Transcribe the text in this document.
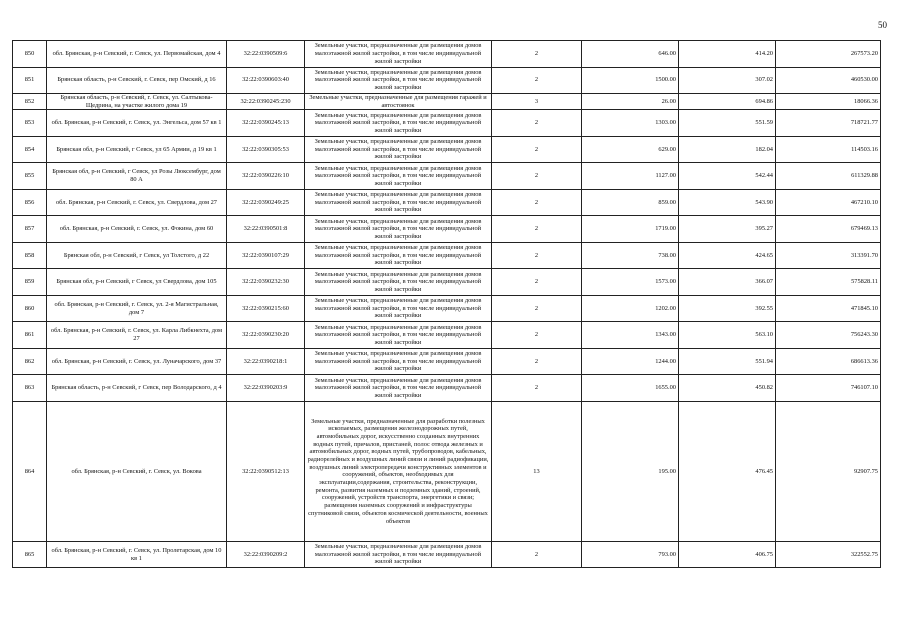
50
850	обл. Брянская, р-н Севский, г. Севск, ул. Первомайская, дом 4	32:22:0390509:6	Земельные участки, предназначенные для размещения домов малоэтажной жилой застройки, в том числе индивидуальной жилой застройки	2	646.00	414.20	267573.20
851	Брянская область, р-н Севский, г. Севск, пер Омский, д 16	32:22:0390603:40	Земельные участки, предназначенные для размещения домов малоэтажной жилой застройки, в том числе индивидуальной жилой застройки	2	1500.00	307.02	460530.00
852	Брянская область, р-н Севский, г. Севск, ул. Салтыкова-Щедрина, на участке жилого дома 19	32:22:0390245:230	Земельные участки, предназначенные для размещения гаражей и автостоянок	3	26.00	694.86	18066.36
853	обл. Брянская, р-н Севский, г. Севск, ул. Энгельса, дом 57 кв 1	32:22:0390245:13	Земельные участки, предназначенные для размещения домов малоэтажной жилой застройки, в том числе индивидуальной жилой застройки	2	1303.00	551.59	718721.77
854	Брянская обл, р-н Севский, г Севск, ул 65 Армии, д 19 кв 1	32:22:0390305:53	Земельные участки, предназначенные для размещения домов малоэтажной жилой застройки, в том числе индивидуальной жилой застройки	2	629.00	182.04	114503.16
855	Брянская обл, р-н Севский, г Севск, ул Розы Люксембург, дом 80 А	32:22:0390226:10	Земельные участки, предназначенные для размещения домов малоэтажной жилой застройки, в том числе индивидуальной жилой застройки	2	1127.00	542.44	611329.88
856	обл. Брянская, р-н Севский, г. Севск, ул. Свердлова, дом 27	32:22:0390249:25	Земельные участки, предназначенные для размещения домов малоэтажной жилой застройки, в том числе индивидуальной жилой застройки	2	859.00	543.90	467210.10
857	обл. Брянская, р-н Севский, г. Севск, ул. Фокина, дом 60	32:22:0390501:8	Земельные участки, предназначенные для размещения домов малоэтажной жилой застройки, в том числе индивидуальной жилой застройки	2	1719.00	395.27	679469.13
858	Брянская обл, р-н Севский, г Севск, ул Толстого, д 22	32:22:0390107:29	Земельные участки, предназначенные для размещения домов малоэтажной жилой застройки, в том числе индивидуальной жилой застройки	2	738.00	424.65	313391.70
859	Брянская обл, р-н Севский, г Севск, ул Свердлова, дом 105	32:22:0390232:30	Земельные участки, предназначенные для размещения домов малоэтажной жилой застройки, в том числе индивидуальной жилой застройки	2	1573.00	366.07	575828.11
860	обл. Брянская, р-н Севский, г. Севск, ул. 2-я Магистральная, дом 7	32:22:0390215:60	Земельные участки, предназначенные для размещения домов малоэтажной жилой застройки, в том числе индивидуальной жилой застройки	2	1202.00	392.55	471845.10
861	обл. Брянская, р-н Севский, г. Севск, ул. Карла Либкнехта, дом 27	32:22:0390230:20	Земельные участки, предназначенные для размещения домов малоэтажной жилой застройки, в том числе индивидуальной жилой застройки	2	1343.00	563.10	756243.30
862	обл. Брянская, р-н Севский, г. Севск, ул. Луначарского, дом 37	32:22:0390218:1	Земельные участки, предназначенные для размещения домов малоэтажной жилой застройки, в том числе индивидуальной жилой застройки	2	1244.00	551.94	686613.36
863	Брянская область, р-н Севский, г Севск, пер Володарского, д 4	32:22:0390203:9	Земельные участки, предназначенные для размещения домов малоэтажной жилой застройки, в том числе индивидуальной жилой застройки	2	1655.00	450.82	746107.10
864	обл. Брянская, р-н Севский, г. Севск, ул. Вокова	32:22:0390512:13	Земельные участки, предназначенные для разработки полезных ископаемых, размещения железнодорожных путей, автомобильных дорог, искусственно созданных внутренних водных путей, причалов, пристаней, полос отвода железных и автомобильных дорог, водных путей, трубопроводов, кабельных, радиорелейных и воздушных линий связи и линий радиофикации, воздушных линий электропередачи конструктивных элементов и сооружений, объектов, необходимых для эксплуатации,содержания, строительства, реконструкции, ремонта, развития наземных и подземных зданий, строений, сооружений, устройств транспорта, энергетики и связи; размещения наземных сооружений и инфраструктуры спутниковой связи, объектов космической деятельности, военных объектов	13	195.00	476.45	92907.75
865	обл. Брянская, р-н Севский, г. Севск, ул. Пролетарская, дом 10 кв 1	32:22:0390209:2	Земельные участки, предназначенные для размещения домов малоэтажной жилой застройки, в том числе индивидуальной жилой застройки	2	793.00	406.75	322552.75
